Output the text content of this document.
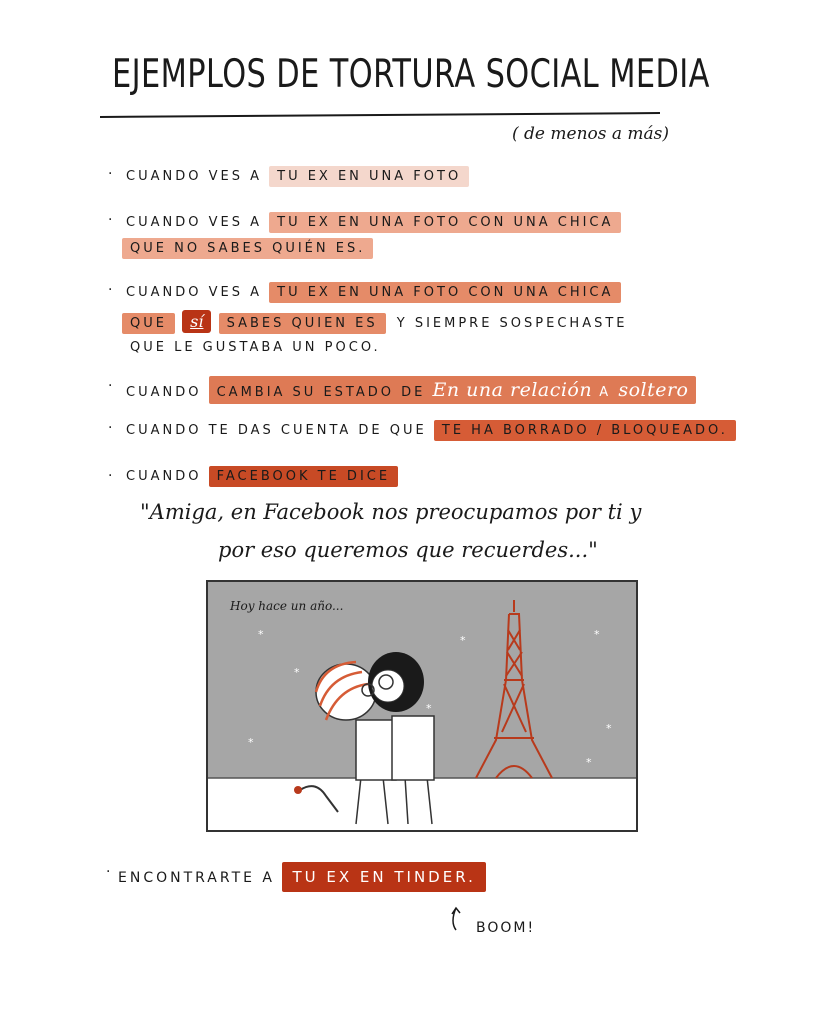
EJEMPLOS DE TORTURA SOCIAL MEDIA
( de menos a más)
· CUANDO VES A TU EX EN UNA FOTO
· CUANDO VES A TU EX EN UNA FOTO CON UNA CHICA
QUE NO SABES QUIÉN ES.
· CUANDO VES A TU EX EN UNA FOTO CON UNA CHICA
QUE sí SABES QUIEN ES Y SIEMPRE SOSPECHASTE
QUE LE GUSTABA UN POCO.
· CUANDO CAMBIA SU ESTADO DE En una relación A soltero
· CUANDO TE DAS CUENTA DE QUE TE HA BORRADO / BLOQUEADO.
· CUANDO FACEBOOK TE DICE
"Amiga, en Facebook nos preocupamos por ti y
por eso queremos que recuerdes..."
Hoy hace un año...
*	*	*
*
*
*
*
*
· ENCONTRARTE A TU EX EN TINDER.
BOOM!
